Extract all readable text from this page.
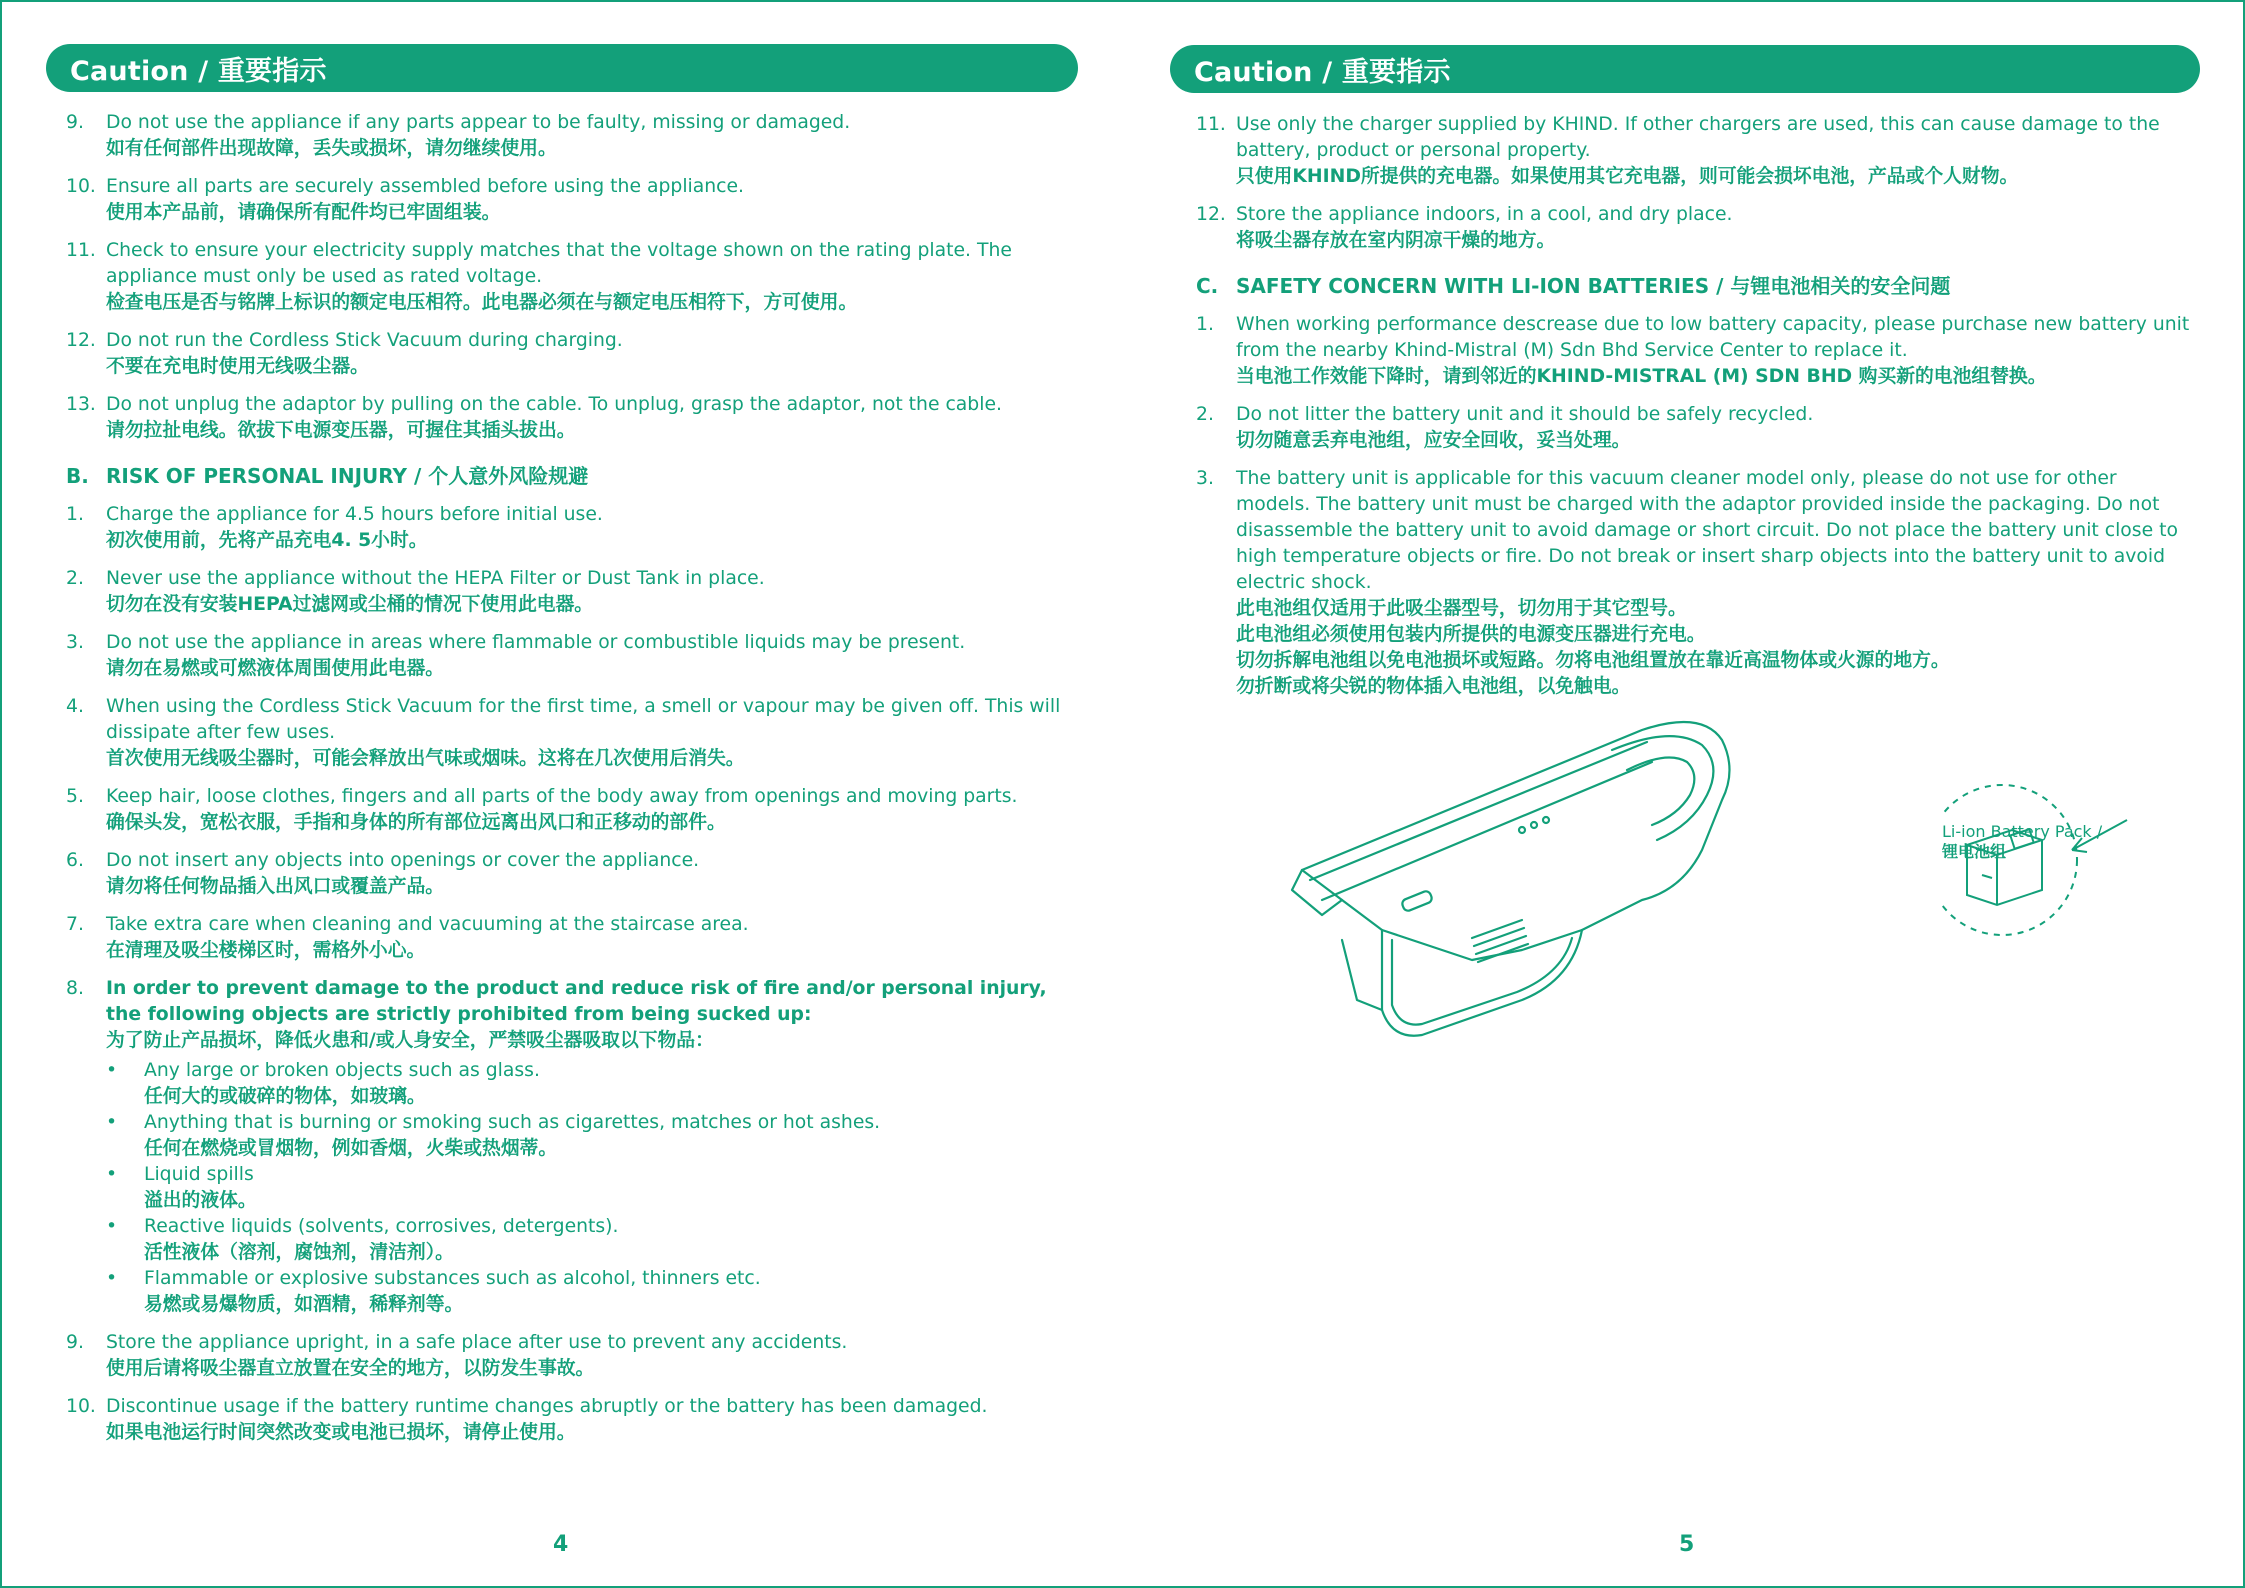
Caution / 重要指示
9. Do not use the appliance if any parts appear to be faulty, missing or damaged.
如有任何部件出现故障，丢失或损坏，请勿继续使用。
10. Ensure all parts are securely assembled before using the appliance.
使用本产品前，请确保所有配件均已牢固组装。
11. Check to ensure your electricity supply matches that the voltage shown on the rating plate. The appliance must only be used as rated voltage.
检查电压是否与铭牌上标识的额定电压相符。此电器必须在与额定电压相符下，方可使用。
12. Do not run the Cordless Stick Vacuum during charging.
不要在充电时使用无线吸尘器。
13. Do not unplug the adaptor by pulling on the cable. To unplug, grasp the adaptor, not the cable.
请勿拉扯电线。欲拔下电源变压器，可握住其插头拔出。
B. RISK OF PERSONAL INJURY / 个人意外风险规避
1. Charge the appliance for 4.5 hours before initial use.
初次使用前，先将产品充电4. 5小时。
2. Never use the appliance without the HEPA Filter or Dust Tank in place.
切勿在没有安装HEPA过滤网或尘桶的情况下使用此电器。
3. Do not use the appliance in areas where flammable or combustible liquids may be present.
请勿在易燃或可燃液体周围使用此电器。
4. When using the Cordless Stick Vacuum for the first time, a smell or vapour may be given off. This will dissipate after few uses.
首次使用无线吸尘器时，可能会释放出气味或烟味。这将在几次使用后消失。
5. Keep hair, loose clothes, fingers and all parts of the body away from openings and moving parts.
确保头发，宽松衣服，手指和身体的所有部位远离出风口和正移动的部件。
6. Do not insert any objects into openings or cover the appliance.
请勿将任何物品插入出风口或覆盖产品。
7. Take extra care when cleaning and vacuuming at the staircase area.
在清理及吸尘楼梯区时，需格外小心。
8. In order to prevent damage to the product and reduce risk of fire and/or personal injury, the following objects are strictly prohibited from being sucked up:
为了防止产品损坏，降低火患和/或人身安全，严禁吸尘器吸取以下物品：
• Any large or broken objects such as glass.
任何大的或破碎的物体，如玻璃。
• Anything that is burning or smoking such as cigarettes, matches or hot ashes.
任何在燃烧或冒烟物，例如香烟，火柴或热烟蒂。
• Liquid spills
溢出的液体。
• Reactive liquids (solvents, corrosives, detergents).
活性液体（溶剂，腐蚀剂，清洁剂）。
• Flammable or explosive substances such as alcohol, thinners etc.
易燃或易爆物质，如酒精，稀释剂等。
9. Store the appliance upright, in a safe place after use to prevent any accidents.
使用后请将吸尘器直立放置在安全的地方，以防发生事故。
10. Discontinue usage if the battery runtime changes abruptly or the battery has been damaged.
如果电池运行时间突然改变或电池已损坏，请停止使用。
4
Caution / 重要指示
11. Use only the charger supplied by KHIND. If other chargers are used, this can cause damage to the battery, product or personal property.
只使用KHIND所提供的充电器。如果使用其它充电器，则可能会损坏电池，产品或个人财物。
12. Store the appliance indoors, in a cool, and dry place.
将吸尘器存放在室内阴凉干燥的地方。
C. SAFETY CONCERN WITH LI-ION BATTERIES / 与锂电池相关的安全问题
1. When working performance descrease due to low battery capacity, please purchase new battery unit from the nearby Khind-Mistral (M) Sdn Bhd Service Center to replace it.
当电池工作效能下降时，请到邻近的KHIND-MISTRAL (M) SDN BHD 购买新的电池组替换。
2. Do not litter the battery unit and it should be safely recycled.
切勿随意丢弃电池组，应安全回收，妥当处理。
3. The battery unit is applicable for this vacuum cleaner model only, please do not use for other models. The battery unit must be charged with the adaptor provided inside the packaging. Do not disassemble the battery unit to avoid damage or short circuit. Do not place the battery unit close to high temperature objects or fire. Do not break or insert sharp objects into the battery unit to avoid electric shock.
此电池组仅适用于此吸尘器型号，切勿用于其它型号。
此电池组必须使用包装内所提供的电源变压器进行充电。
切勿拆解电池组以免电池损坏或短路。勿将电池组置放在靠近高温物体或火源的地方。
勿折断或将尖锐的物体插入电池组，以免触电。
Li-ion Battery Pack /
锂电池组
5
